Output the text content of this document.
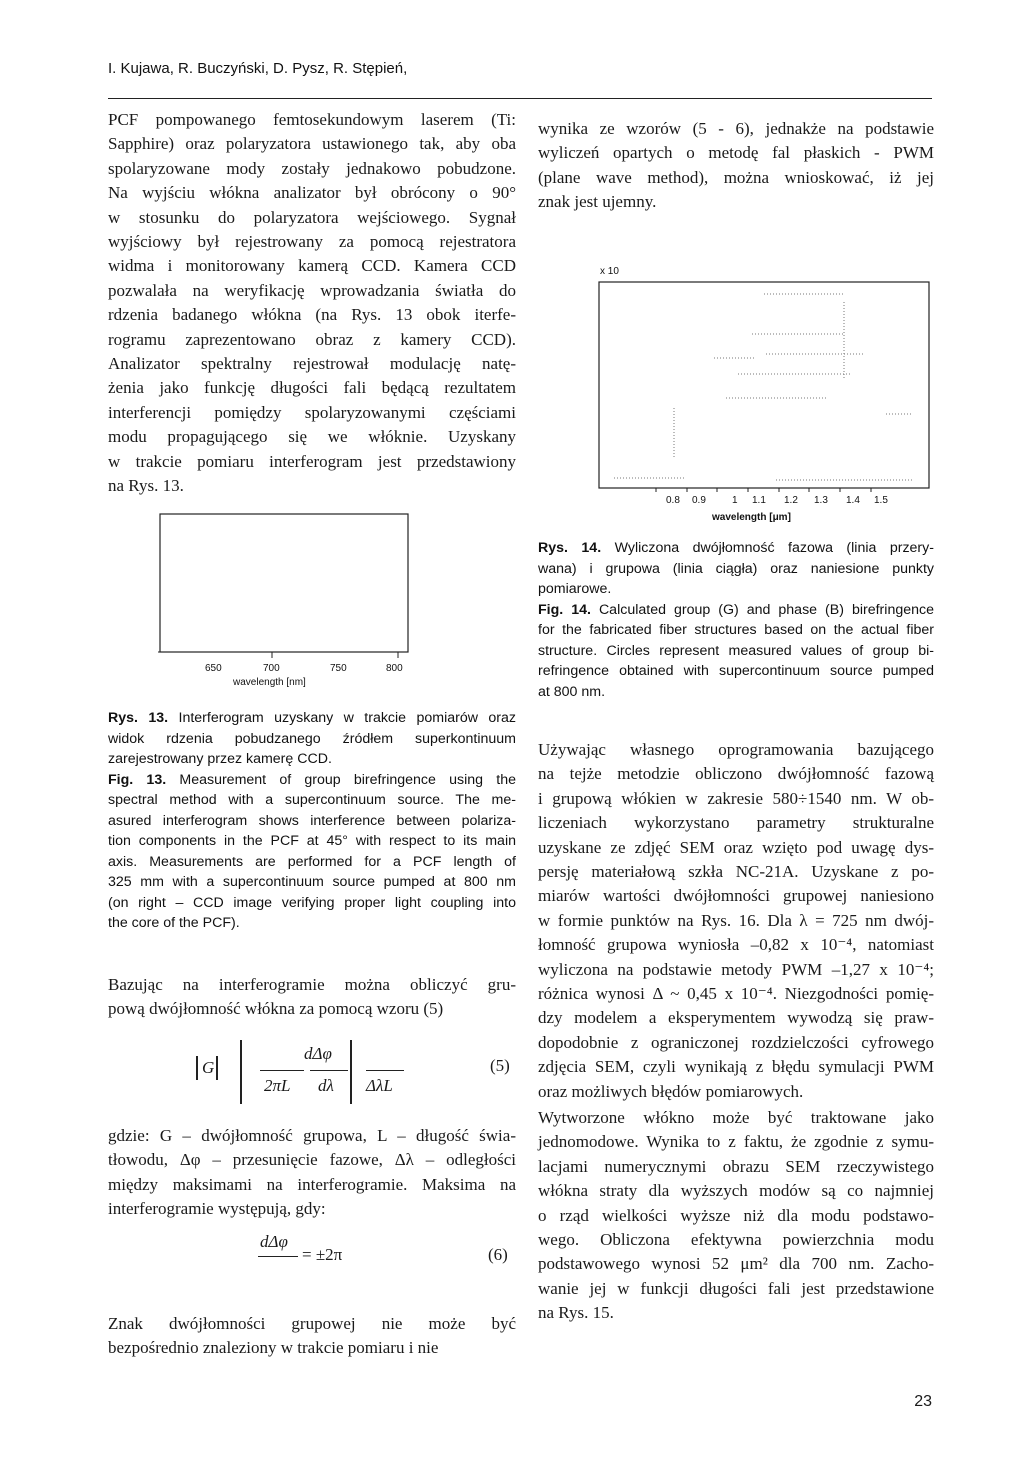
I. Kujawa, R. Buczyński, D. Pysz, R. Stępień,
PCF pompowanego femtosekundowym laserem (Ti:
Sapphire) oraz polaryzatora ustawionego tak, aby oba
spolaryzowane mody zostały jednakowo pobudzone.
Na wyjściu włókna analizator był obrócony o 90°
w stosunku do polaryzatora wejściowego. Sygnał
wyjściowy był rejestrowany za pomocą rejestratora
widma i monitorowany kamerą CCD. Kamera CCD
pozwalała na weryfikację wprowadzania światła do
rdzenia badanego włókna (na Rys. 13 obok iterfe-
rogramu zaprezentowano obraz z kamery CCD).
Analizator spektralny rejestrował modulację natę-
żenia jako funkcję długości fali będącą rezultatem
interferencji pomiędzy spolaryzowanymi częściami
modu propagującego się we włóknie. Uzyskany
w trakcie pomiaru interferogram jest przedstawiony
na Rys. 13.
650	700	750	800
wavelength [nm]
Rys. 13. Interferogram uzyskany w trakcie pomiarów oraz
widok rdzenia pobudzanego źródłem superkontinuum
zarejestrowany przez kamerę CCD.
Fig. 13. Measurement of group birefringence using the
spectral method with a supercontinuum source. The me-
asured interferogram shows interference between polariza-
tion components in the PCF at 45° with respect to its main
axis. Measurements are performed for a PCF length of
325 mm with a supercontinuum source pumped at 800 nm
(on right – CCD image verifying proper light coupling into
the core of the PCF).
Bazując na interferogramie można obliczyć gru-
pową dwójłomność włókna za pomocą wzoru (5)
G
dΔφ
2πL dλ ΔλL
(5)
gdzie: G – dwójłomność grupowa, L – długość świa-
tłowodu, Δφ – przesunięcie fazowe, Δλ – odległości
między maksimami na interferogramie. Maksima na
interferogramie występują, gdy:
dΔφ
= ±2π	(6)
Znak dwójłomności grupowej nie może być
bezpośrednio znaleziony w trakcie pomiaru i nie
wynika ze wzorów (5 - 6), jednakże na podstawie
wyliczeń opartych o metodę fal płaskich - PWM
(plane wave method), można wnioskować, iż jej
znak jest ujemny.
x 10
0.8 0.9	1 1.1 1.2 1.3 1.4 1.5
wavelength [μm]
Rys. 14. Wyliczona dwójłomność fazowa (linia przery-
wana) i grupowa (linia ciągła) oraz naniesione punkty
pomiarowe.
Fig. 14. Calculated group (G) and phase (B) birefringence
for the fabricated fiber structures based on the actual fiber
structure. Circles represent measured values of group bi-
refringence obtained with supercontinuum source pumped
at 800 nm.
Używając własnego oprogramowania bazującego
na tejże metodzie obliczono dwójłomność fazową
i grupową włókien w zakresie 580÷1540 nm. W ob-
liczeniach wykorzystano parametry strukturalne
uzyskane ze zdjęć SEM oraz wzięto pod uwagę dys-
persję materiałową szkła NC-21A. Uzyskane z po-
miarów wartości dwójłomności grupowej naniesiono
w formie punktów na Rys. 16. Dla λ = 725 nm dwój-
łomność grupowa wyniosła –0,82 x 10⁻⁴, natomiast
wyliczona na podstawie metody PWM –1,27 x 10⁻⁴;
różnica wynosi Δ ~ 0,45 x 10⁻⁴. Niezgodności pomię-
dzy modelem a eksperymentem wywodzą się praw-
dopodobnie z ograniczonej rozdzielczości cyfrowego
zdjęcia SEM, czyli wynikają z błędu symulacji PWM
oraz możliwych błędów pomiarowych.
Wytworzone włókno może być traktowane jako
jednomodowe. Wynika to z faktu, że zgodnie z symu-
lacjami numerycznymi obrazu SEM rzeczywistego
włókna straty dla wyższych modów są co najmniej
o rząd wielkości wyższe niż dla modu podstawo-
wego. Obliczona efektywna powierzchnia modu
podstawowego wynosi 52 μm² dla 700 nm. Zacho-
wanie jej w funkcji długości fali jest przedstawione
na Rys. 15.
23
